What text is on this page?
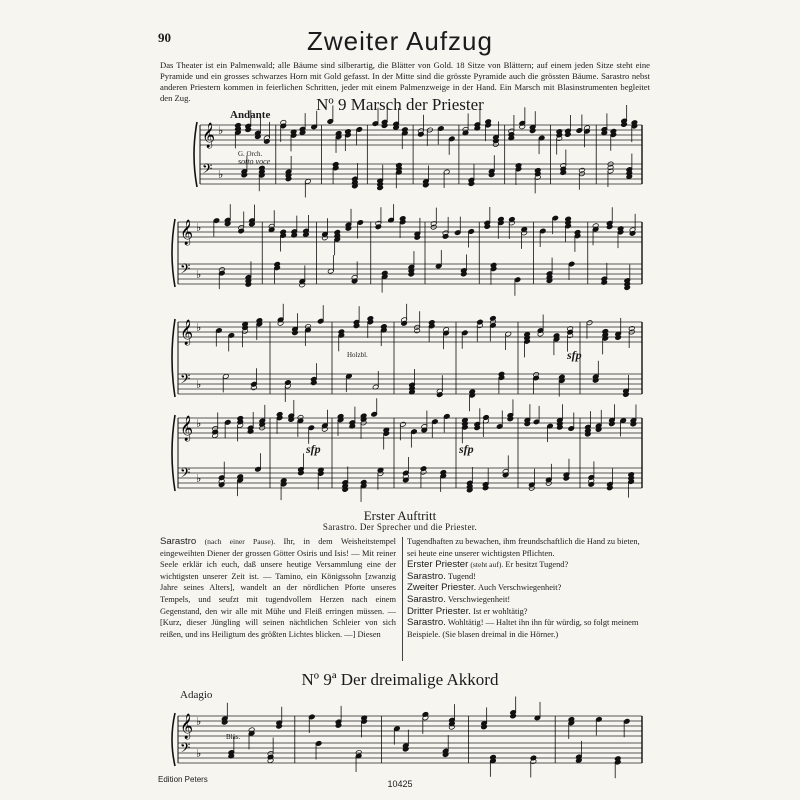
𝄞
𝄢
♭
♭
𝄞
𝄢
♭
♭
𝄞
𝄢
♭
♭
𝄞
𝄢
♭
♭
𝄞
𝄢
♭
♭
90	Zweiter Aufzug
Das Theater ist ein Palmenwald; alle Bäume sind silberartig, die Blätter von Gold. 18 Sitze von Blättern; auf einem jeden Sitze steht eine Pyramide und ein grosses schwarzes Horn mit Gold gefasst. In der Mitte sind die grösste Pyramide auch die grössten Bäume. Sarastro nebst anderen Priestern kommen in feierlichen Schritten, jeder mit einem Palmenzweige in der Hand. Ein Marsch mit Blasinstrumenten begleitet den Zug.	Nº 9 Marsch der Priester
Andante
G. Orch.
sotto voce
Holzbl.	sfp
sfp	sfp
Erster Auftritt
Sarastro. Der Sprecher und die Priester.
Sarastro (nach einer Pause). Ihr, in dem Weisheitstempel eingeweihten Diener der grossen Götter Osiris und Isis! — Mit reiner Seele erklär ich euch, daß unsere heutige Versammlung eine der wichtigsten unserer Zeit ist. — Tamino, ein Königssohn [zwanzig Jahre seines Alters], wandelt an der nördlichen Pforte unseres Tempels, und seufzt mit tugendvollem Herzen nach einem Gegenstand, den wir alle mit Mühe und Fleiß erringen müssen. — [Kurz, dieser Jüngling will seinen nächtlichen Schleier von sich reißen, und ins Heiligtum des größten Lichtes blicken. —] Diesen
Tugendhaften zu bewachen, ihm freundschaftlich die Hand zu bieten, sei heute eine unserer wichtigsten Pflichten.
Erster Priester (steht auf). Er besitzt Tugend?
Sarastro. Tugend!
Zweiter Priester. Auch Verschwiegenheit?
Sarastro. Verschwiegenheit!
Dritter Priester. Ist er wohltätig?
Sarastro. Wohltätig! — Haltet ihn ihn für würdig, so folgt meinem Beispiele. (Sie blasen dreimal in die Hörner.)
Nº 9ª Der dreimalige Akkord
Adagio
Bläs.
Edition Peters	10425
